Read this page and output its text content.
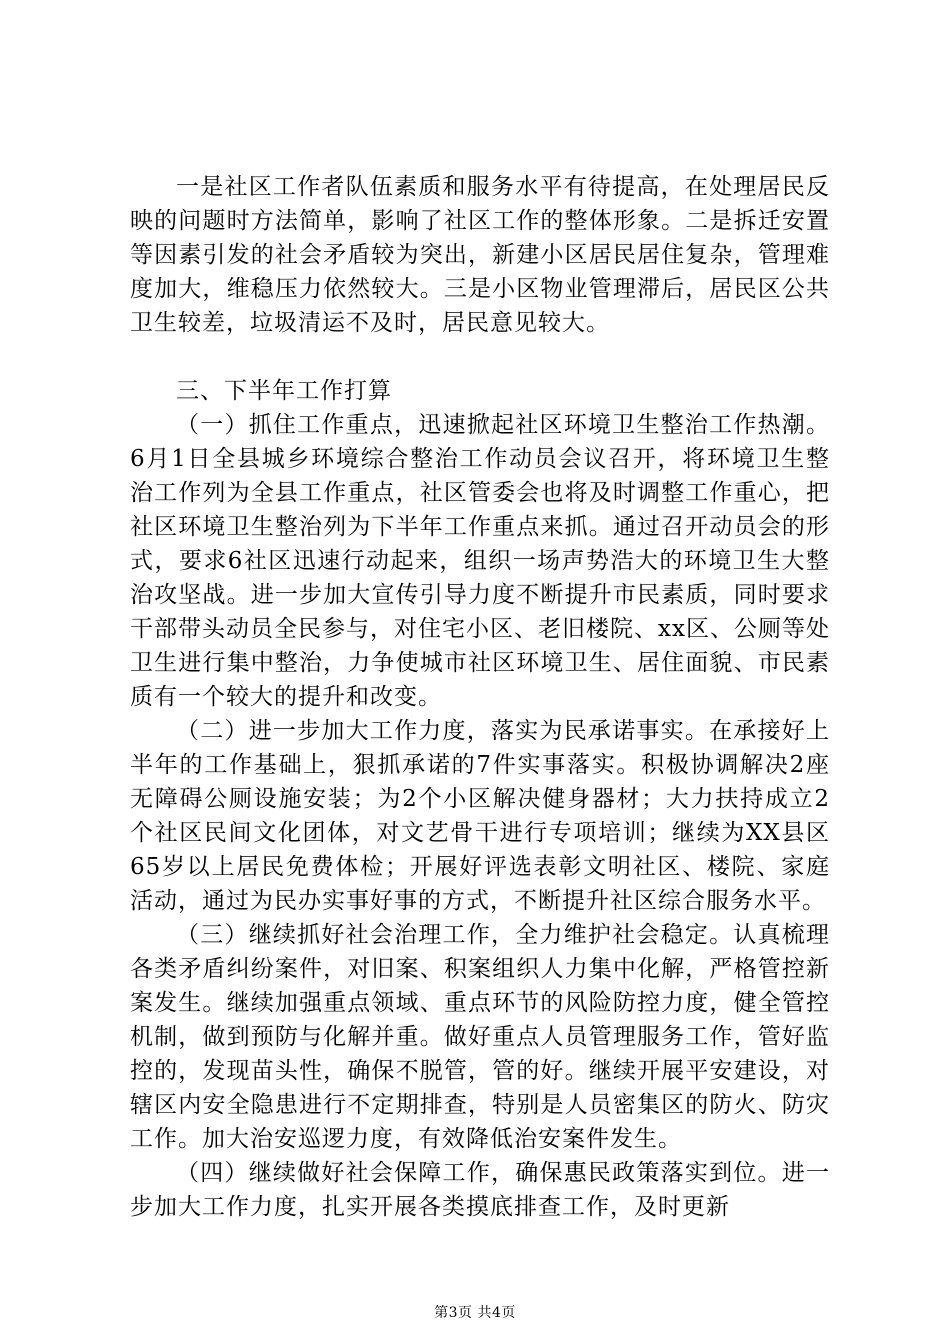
一是社区工作者队伍素质和服务水平有待提高，在处理居民反映的问题时方法简单，影响了社区工作的整体形象。二是拆迁安置等因素引发的社会矛盾较为突出，新建小区居民居住复杂，管理难度加大，维稳压力依然较大。三是小区物业管理滞后，居民区公共卫生较差，垃圾清运不及时，居民意见较大。

三、下半年工作打算

（一）抓住工作重点，迅速掀起社区环境卫生整治工作热潮。6月1日全县城乡环境综合整治工作动员会议召开，将环境卫生整治工作列为全县工作重点，社区管委会也将及时调整工作重心，把社区环境卫生整治列为下半年工作重点来抓。通过召开动员会的形式，要求6社区迅速行动起来，组织一场声势浩大的环境卫生大整治攻坚战。进一步加大宣传引导力度不断提升市民素质，同时要求干部带头动员全民参与，对住宅小区、老旧楼院、xx区、公厕等处卫生进行集中整治，力争使城市社区环境卫生、居住面貌、市民素质有一个较大的提升和改变。

（二）进一步加大工作力度，落实为民承诺事实。在承接好上半年的工作基础上，狠抓承诺的7件实事落实。积极协调解决2座无障碍公厕设施安装；为2个小区解决健身器材；大力扶持成立2个社区民间文化团体，对文艺骨干进行专项培训；继续为XX县区65岁以上居民免费体检；开展好评选表彰文明社区、楼院、家庭活动，通过为民办实事好事的方式，不断提升社区综合服务水平。

（三）继续抓好社会治理工作，全力维护社会稳定。认真梳理各类矛盾纠纷案件，对旧案、积案组织人力集中化解，严格管控新案发生。继续加强重点领域、重点环节的风险防控力度，健全管控机制，做到预防与化解并重。做好重点人员管理服务工作，管好监控的，发现苗头性，确保不脱管，管的好。继续开展平安建设，对辖区内安全隐患进行不定期排查，特别是人员密集区的防火、防灾工作。加大治安巡逻力度，有效降低治安案件发生。

（四）继续做好社会保障工作，确保惠民政策落实到位。进一步加大工作力度，扎实开展各类摸底排查工作，及时更新

第3页 共4页
